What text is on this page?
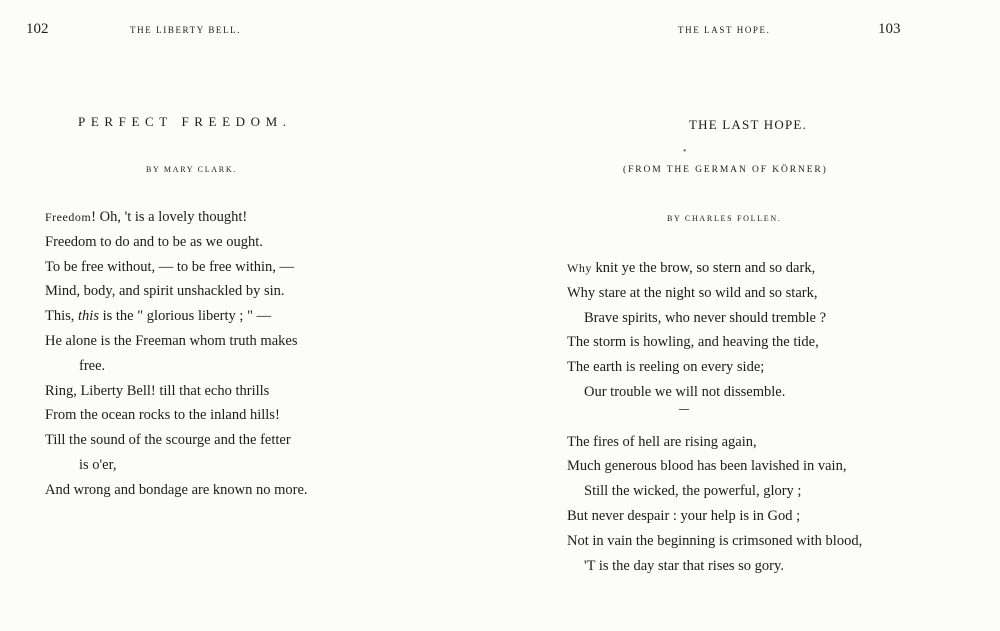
102	THE LIBERTY BELL.
PERFECT FREEDOM.
BY MARY CLARK.
Freedom! Oh, 't is a lovely thought!
Freedom to do and to be as we ought.
To be free without, — to be free within, —
Mind, body, and spirit unshackled by sin.
This, this is the " glorious liberty ; " —
He alone is the Freeman whom truth makes
free.
Ring, Liberty Bell! till that echo thrills
From the ocean rocks to the inland hills!
Till the sound of the scourge and the fetter
is o'er,
And wrong and bondage are known no more.
THE LAST HOPE.	103
THE LAST HOPE.
*
(FROM THE GERMAN OF KÖRNER)
BY CHARLES FOLLEN.
Why knit ye the brow, so stern and so dark,
Why stare at the night so wild and so stark,
Brave spirits, who never should tremble ?
The storm is howling, and heaving the tide,
The earth is reeling on every side;
Our trouble we will not dissemble.
The fires of hell are rising again,
Much generous blood has been lavished in vain,
Still the wicked, the powerful, glory ;
But never despair : your help is in God ;
Not in vain the beginning is crimsoned with blood,
'T is the day star that rises so gory.
